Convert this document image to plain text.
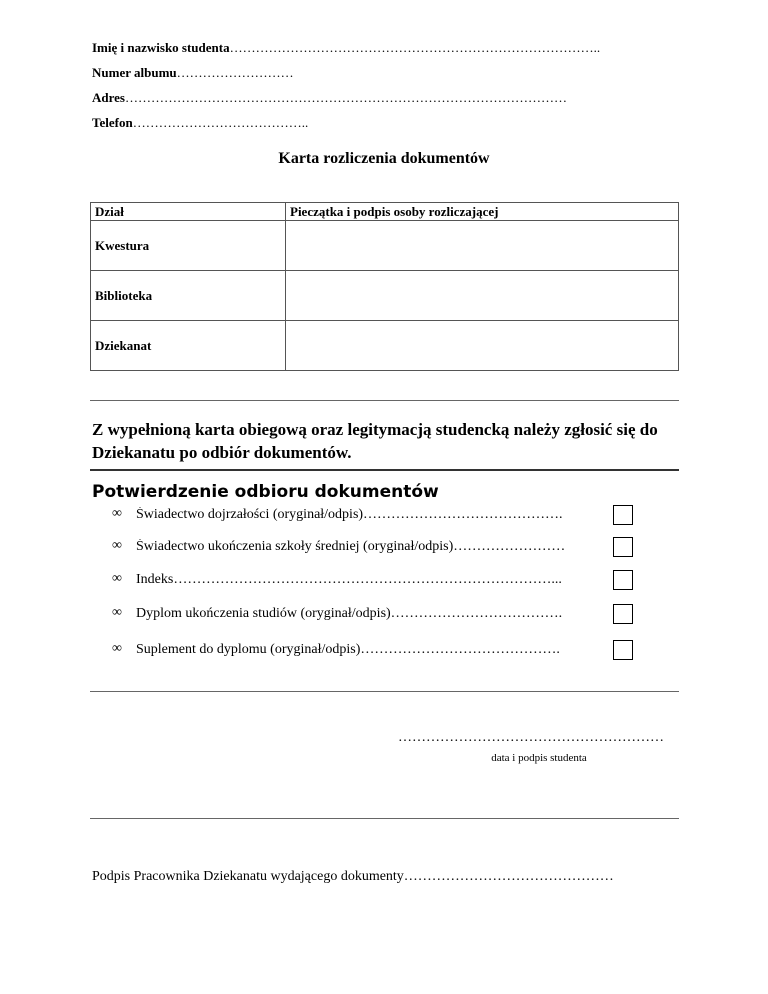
Imię i nazwisko studenta…………………………………………………………………………..
Numer albumu………………………
Adres…………………………………………………………………………………………
Telefon…………………………………..
Karta rozliczenia dokumentów
Dział	Pieczątka i podpis osoby rozliczającej
Kwestura	
Biblioteka	
Dziekanat	
Z wypełnioną karta obiegową oraz legitymacją studencką należy zgłosić się do Dziekanatu po odbiór dokumentów.
Potwierdzenie odbioru dokumentów
∞ Świadectwo dojrzałości (oryginał/odpis)…………………………………….
∞ Świadectwo ukończenia szkoły średniej (oryginał/odpis)……………………
∞ Indeks………………………………………………………………………...
∞ Dyplom ukończenia studiów (oryginał/odpis)……………………………….
∞ Suplement do dyplomu (oryginał/odpis)…………………………………….
…………………………………………………
data i podpis studenta
Podpis Pracownika Dziekanatu wydającego dokumenty………………………………………
